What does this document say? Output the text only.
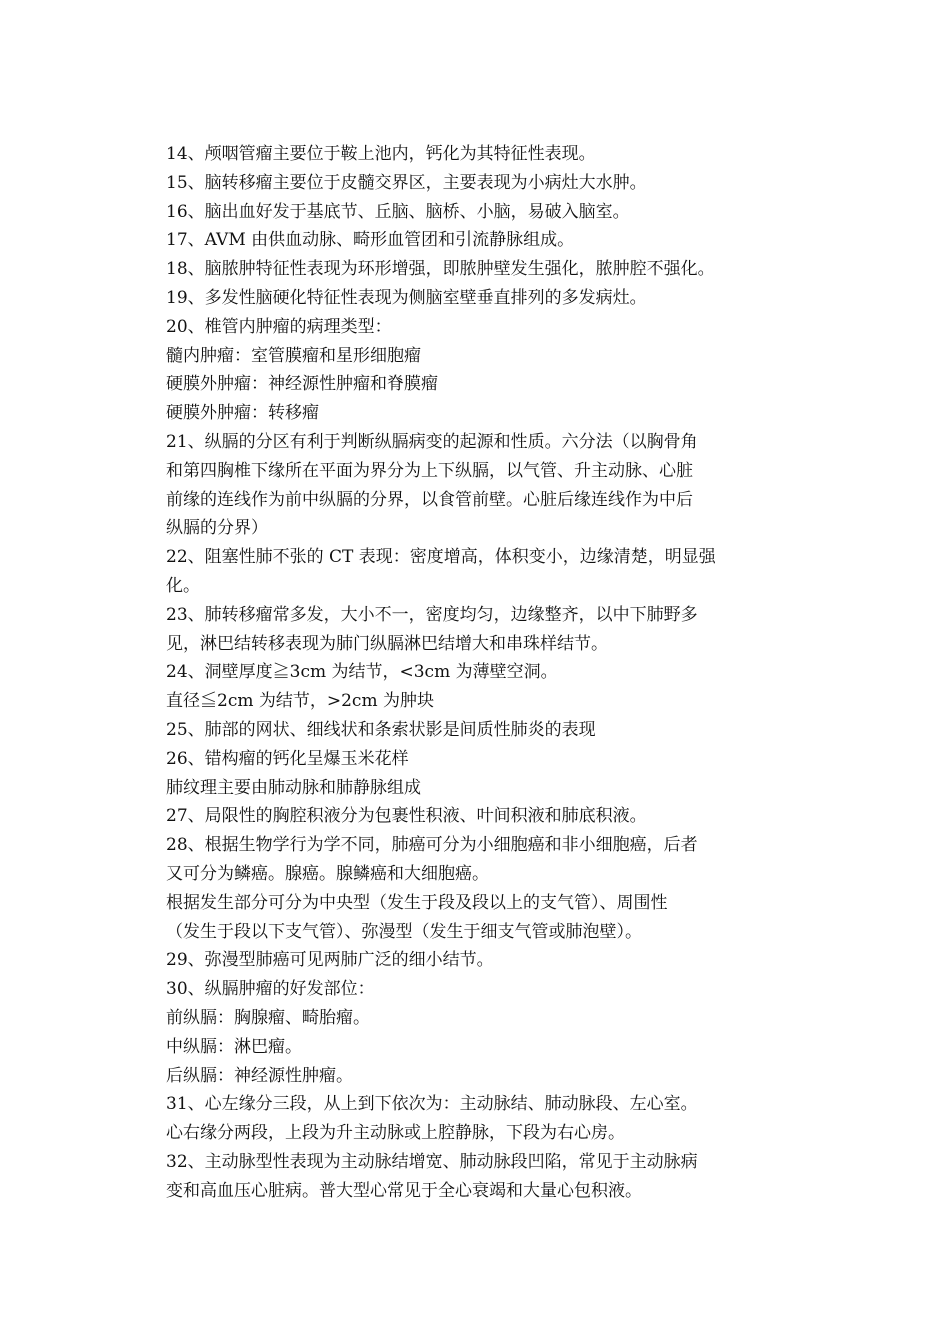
14、颅咽管瘤主要位于鞍上池内，钙化为其特征性表现。
15、脑转移瘤主要位于皮髓交界区，主要表现为小病灶大水肿。
16、脑出血好发于基底节、丘脑、脑桥、小脑，易破入脑室。
17、AVM 由供血动脉、畸形血管团和引流静脉组成。
18、脑脓肿特征性表现为环形增强，即脓肿壁发生强化，脓肿腔不强化。
19、多发性脑硬化特征性表现为侧脑室壁垂直排列的多发病灶。
20、椎管内肿瘤的病理类型：
髓内肿瘤：室管膜瘤和星形细胞瘤
硬膜外肿瘤：神经源性肿瘤和脊膜瘤
硬膜外肿瘤：转移瘤
21、纵膈的分区有利于判断纵膈病变的起源和性质。六分法（以胸骨角
和第四胸椎下缘所在平面为界分为上下纵膈，以气管、升主动脉、心脏
前缘的连线作为前中纵膈的分界，以食管前壁。心脏后缘连线作为中后
纵膈的分界）
22、阻塞性肺不张的 CT 表现：密度增高，体积变小，边缘清楚，明显强
化。
23、肺转移瘤常多发，大小不一，密度均匀，边缘整齐，以中下肺野多
见，淋巴结转移表现为肺门纵膈淋巴结增大和串珠样结节。
24、洞壁厚度≧3cm 为结节，<3cm 为薄壁空洞。
直径≦2cm 为结节，>2cm 为肿块
25、肺部的网状、细线状和条索状影是间质性肺炎的表现
26、错构瘤的钙化呈爆玉米花样
肺纹理主要由肺动脉和肺静脉组成
27、局限性的胸腔积液分为包裹性积液、叶间积液和肺底积液。
28、根据生物学行为学不同，肺癌可分为小细胞癌和非小细胞癌，后者
又可分为鳞癌。腺癌。腺鳞癌和大细胞癌。
根据发生部分可分为中央型（发生于段及段以上的支气管）、周围性
（发生于段以下支气管）、弥漫型（发生于细支气管或肺泡壁）。
29、弥漫型肺癌可见两肺广泛的细小结节。
30、纵膈肿瘤的好发部位：
前纵膈：胸腺瘤、畸胎瘤。
中纵膈：淋巴瘤。
后纵膈：神经源性肿瘤。
31、心左缘分三段，从上到下依次为：主动脉结、肺动脉段、左心室。
心右缘分两段，上段为升主动脉或上腔静脉，下段为右心房。
32、主动脉型性表现为主动脉结增宽、肺动脉段凹陷，常见于主动脉病
变和高血压心脏病。普大型心常见于全心衰竭和大量心包积液。
